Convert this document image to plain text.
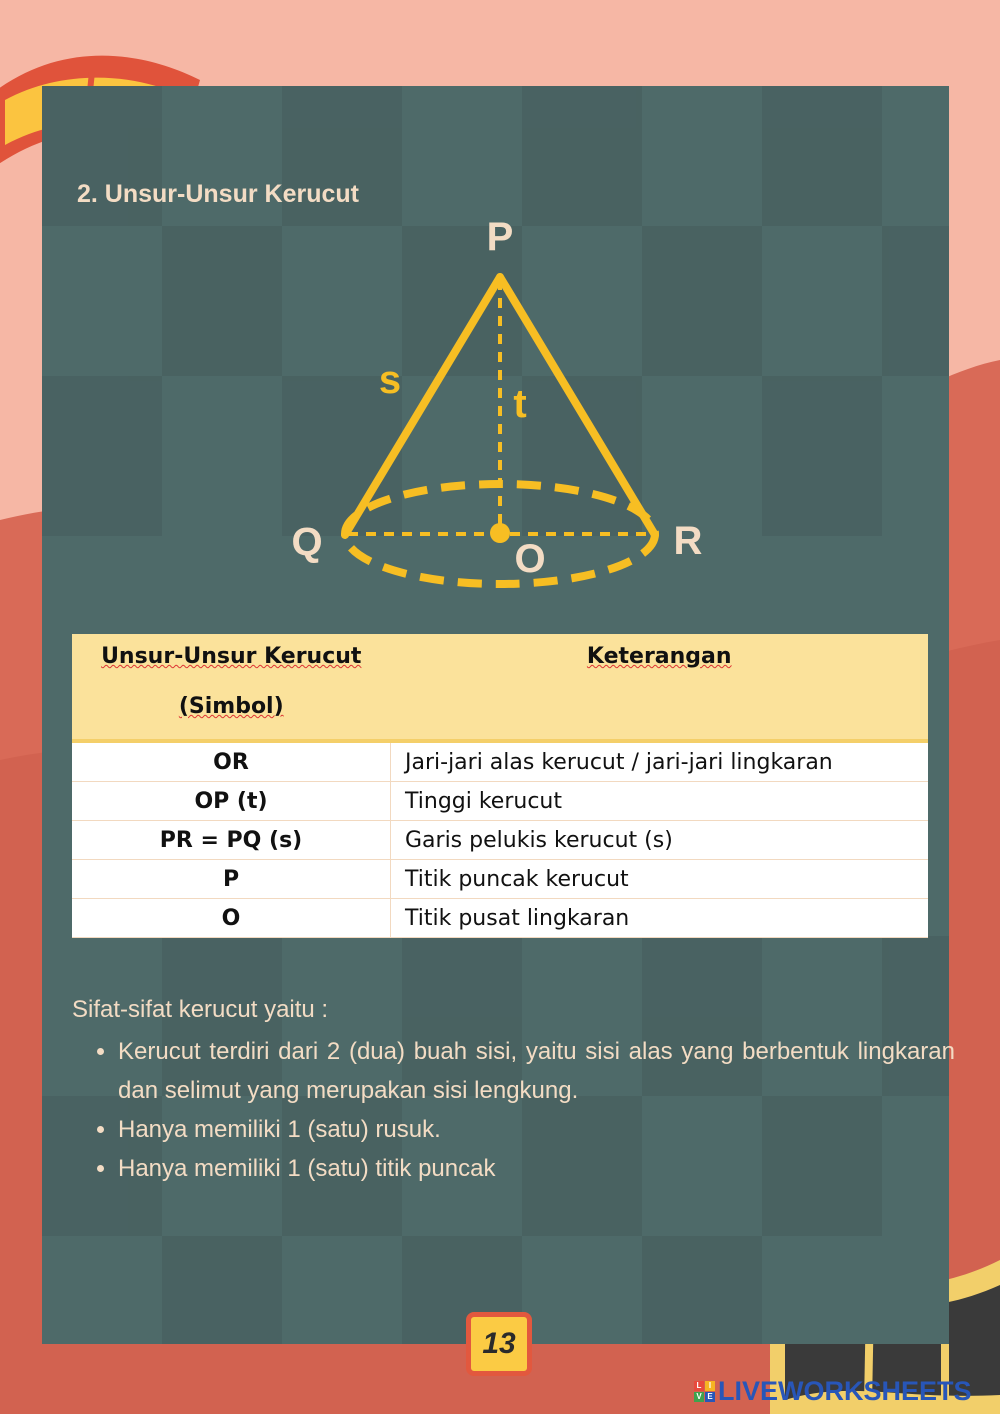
2. Unsur-Unsur Kerucut
P
s
t
Q	R
O
Unsur-Unsur Kerucut

(Simbol)	Keterangan
OR	Jari-jari alas kerucut / jari-jari lingkaran
OP (t)	Tinggi kerucut
PR = PQ (s)	Garis pelukis kerucut (s)
P	Titik puncak kerucut
O	Titik pusat lingkaran

Sifat-sifat kerucut yaitu :

• Kerucut terdiri dari 2 (dua) buah sisi, yaitu sisi alas yang berbentuk lingkaran dan selimut yang merupakan sisi lengkung.
• Hanya memiliki 1 (satu) rusuk.
• Hanya memiliki 1 (satu) titik puncak
13
L I
V E LIVEWORKSHEETS
